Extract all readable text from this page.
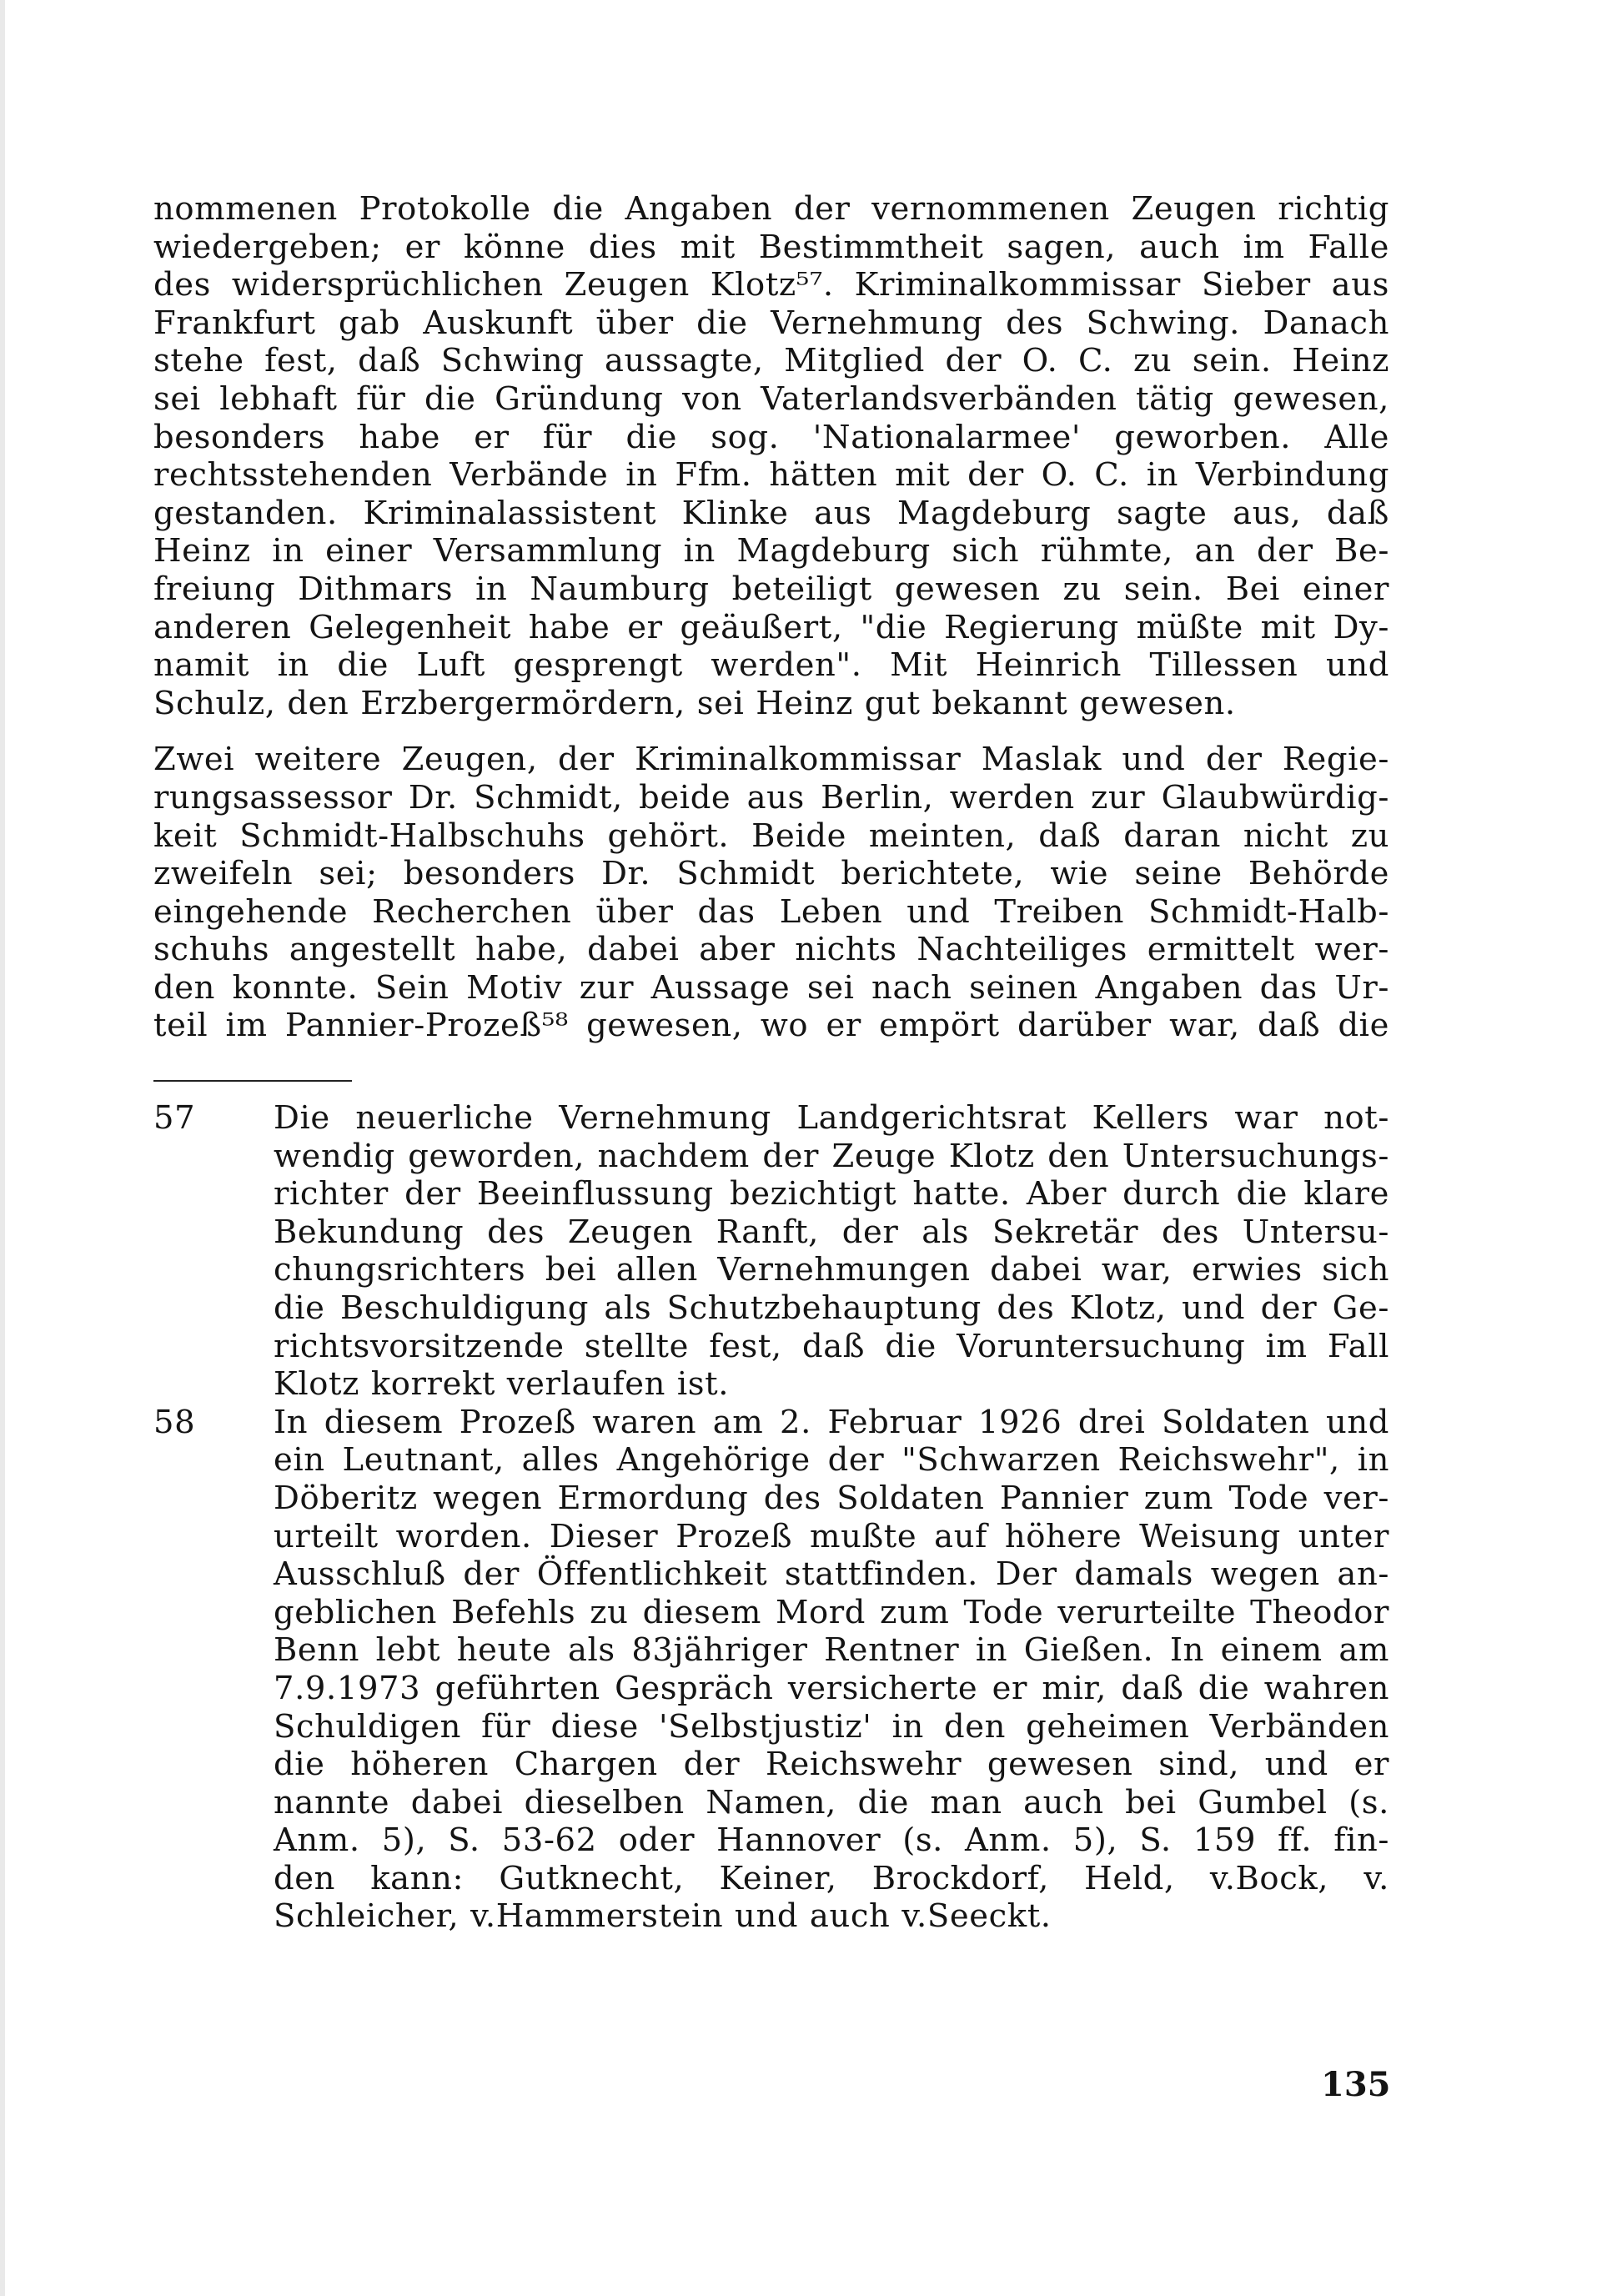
nommenen Protokolle die Angaben der vernommenen Zeugen richtig
wiedergeben; er könne dies mit Bestimmtheit sagen, auch im Falle
des widersprüchlichen Zeugen Klotz⁵⁷. Kriminalkommissar Sieber aus
Frankfurt gab Auskunft über die Vernehmung des Schwing. Danach
stehe fest, daß Schwing aussagte, Mitglied der O. C. zu sein. Heinz
sei lebhaft für die Gründung von Vaterlandsverbänden tätig gewesen,
besonders habe er für die sog. 'Nationalarmee' geworben. Alle
rechtsstehenden Verbände in Ffm. hätten mit der O. C. in Verbindung
gestanden. Kriminalassistent Klinke aus Magdeburg sagte aus, daß
Heinz in einer Versammlung in Magdeburg sich rühmte, an der Be-
freiung Dithmars in Naumburg beteiligt gewesen zu sein. Bei einer
anderen Gelegenheit habe er geäußert, "die Regierung müßte mit Dy-
namit in die Luft gesprengt werden". Mit Heinrich Tillessen und
Schulz, den Erzbergermördern, sei Heinz gut bekannt gewesen.
Zwei weitere Zeugen, der Kriminalkommissar Maslak und der Regie-
rungsassessor Dr. Schmidt, beide aus Berlin, werden zur Glaubwürdig-
keit Schmidt-Halbschuhs gehört. Beide meinten, daß daran nicht zu
zweifeln sei; besonders Dr. Schmidt berichtete, wie seine Behörde
eingehende Recherchen über das Leben und Treiben Schmidt-Halb-
schuhs angestellt habe, dabei aber nichts Nachteiliges ermittelt wer-
den konnte. Sein Motiv zur Aussage sei nach seinen Angaben das Ur-
teil im Pannier-Prozeß⁵⁸ gewesen, wo er empört darüber war, daß die
57 Die neuerliche Vernehmung Landgerichtsrat Kellers war not-
wendig geworden, nachdem der Zeuge Klotz den Untersuchungs-
richter der Beeinflussung bezichtigt hatte. Aber durch die klare
Bekundung des Zeugen Ranft, der als Sekretär des Untersu-
chungsrichters bei allen Vernehmungen dabei war, erwies sich
die Beschuldigung als Schutzbehauptung des Klotz, und der Ge-
richtsvorsitzende stellte fest, daß die Voruntersuchung im Fall
Klotz korrekt verlaufen ist.
58 In diesem Prozeß waren am 2. Februar 1926 drei Soldaten und
ein Leutnant, alles Angehörige der "Schwarzen Reichswehr", in
Döberitz wegen Ermordung des Soldaten Pannier zum Tode ver-
urteilt worden. Dieser Prozeß mußte auf höhere Weisung unter
Ausschluß der Öffentlichkeit stattfinden. Der damals wegen an-
geblichen Befehls zu diesem Mord zum Tode verurteilte Theodor
Benn lebt heute als 83jähriger Rentner in Gießen. In einem am
7.9.1973 geführten Gespräch versicherte er mir, daß die wahren
Schuldigen für diese 'Selbstjustiz' in den geheimen Verbänden
die höheren Chargen der Reichswehr gewesen sind, und er
nannte dabei dieselben Namen, die man auch bei Gumbel (s.
Anm. 5), S. 53-62 oder Hannover (s. Anm. 5), S. 159 ff. fin-
den kann: Gutknecht, Keiner, Brockdorf, Held, v.Bock, v.
Schleicher, v.Hammerstein und auch v.Seeckt.
135
